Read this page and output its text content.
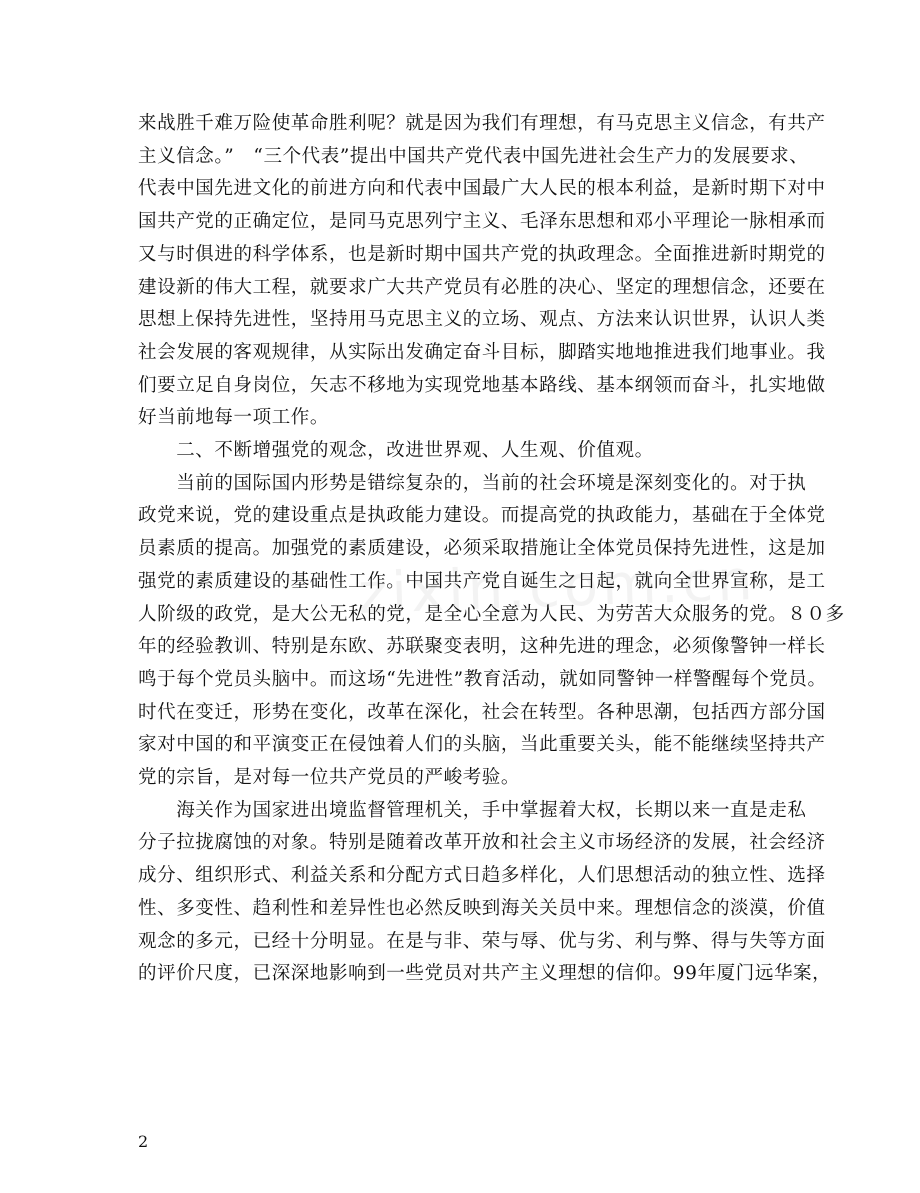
来战胜千难万险使革命胜利呢？就是因为我们有理想，有马克思主义信念，有共产
主义信念。”　“三个代表”提出中国共产党代表中国先进社会生产力的发展要求、
代表中国先进文化的前进方向和代表中国最广大人民的根本利益，是新时期下对中
国共产党的正确定位，是同马克思列宁主义、毛泽东思想和邓小平理论一脉相承而
又与时俱进的科学体系，也是新时期中国共产党的执政理念。全面推进新时期党的
建设新的伟大工程，就要求广大共产党员有必胜的决心、坚定的理想信念，还要在
思想上保持先进性，坚持用马克思主义的立场、观点、方法来认识世界，认识人类
社会发展的客观规律，从实际出发确定奋斗目标，脚踏实地地推进我们地事业。我
们要立足自身岗位，矢志不移地为实现党地基本路线、基本纲领而奋斗，扎实地做
好当前地每一项工作。
　　二、不断增强党的观念，改进世界观、人生观、价值观。
　　当前的国际国内形势是错综复杂的，当前的社会环境是深刻变化的。对于执
政党来说，党的建设重点是执政能力建设。而提高党的执政能力，基础在于全体党
员素质的提高。加强党的素质建设，必须采取措施让全体党员保持先进性，这是加
强党的素质建设的基础性工作。中国共产党自诞生之日起，就向全世界宣称，是工
人阶级的政党，是大公无私的党，是全心全意为人民、为劳苦大众服务的党。８０多
年的经验教训、特别是东欧、苏联聚变表明，这种先进的理念，必须像警钟一样长
鸣于每个党员头脑中。而这场“先进性”教育活动，就如同警钟一样警醒每个党员。
时代在变迁，形势在变化，改革在深化，社会在转型。各种思潮，包括西方部分国
家对中国的和平演变正在侵蚀着人们的头脑，当此重要关头，能不能继续坚持共产
党的宗旨，是对每一位共产党员的严峻考验。
　　海关作为国家进出境监督管理机关，手中掌握着大权，长期以来一直是走私
分子拉拢腐蚀的对象。特别是随着改革开放和社会主义市场经济的发展，社会经济
成分、组织形式、利益关系和分配方式日趋多样化，人们思想活动的独立性、选择
性、多变性、趋利性和差异性也必然反映到海关关员中来。理想信念的淡漠，价值
观念的多元，已经十分明显。在是与非、荣与辱、优与劣、利与弊、得与失等方面
的评价尺度，已深深地影响到一些党员对共产主义理想的信仰。99年厦门远华案，
2
